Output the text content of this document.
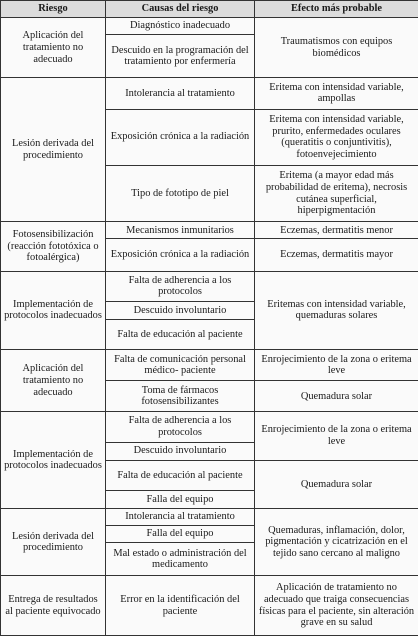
Riesgo	Causas del riesgo	Efecto más probable
Aplicación del tratamiento no adecuado	Diagnóstico inadecuado	Traumatismos con equipos biomédicos
	Descuido en la programación del tratamiento por enfermería	
Lesión derivada del procedimiento	Intolerancia al tratamiento	Eritema con intensidad variable, ampollas
	Exposición crónica a la radiación	Eritema con intensidad variable, prurito, enfermedades oculares (queratitis o conjuntivitis), fotoenvejecimiento
	Tipo de fototipo de piel	Eritema (a mayor edad más probabilidad de eritema), necrosis cutánea superficial, hiperpigmentación
Fotosensibilización (reacción fototóxica o fotoalérgica)	Mecanismos inmunitarios	Eczemas, dermatitis menor
	Exposición crónica a la radiación	Eczemas, dermatitis mayor
Implementación de protocolos inadecuados	Falta de adherencia a los protocolos	Eritemas con intensidad variable, quemaduras solares
	Descuido involuntario	
	Falta de educación al paciente	
Aplicación del tratamiento no adecuado	Falta de comunicación personal médico- paciente	Enrojecimiento de la zona o eritema leve
	Toma de fármacos fotosensibilizantes	Quemadura solar
Implementación de protocolos inadecuados	Falta de adherencia a los protocolos	Enrojecimiento de la zona o eritema leve
	Descuido involuntario	
	Falta de educación al paciente	Quemadura solar
	Falla del equipo	
Lesión derivada del procedimiento	Intolerancia al tratamiento	Quemaduras, inflamación, dolor, pigmentación y cicatrización en el tejido sano cercano al maligno
	Falla del equipo	
	Mal estado o administración del medicamento	
Entrega de resultados al paciente equivocado	Error en la identificación del paciente	Aplicación de tratamiento no adecuado que traiga consecuencias físicas para el paciente, sin alteración grave en su salud
